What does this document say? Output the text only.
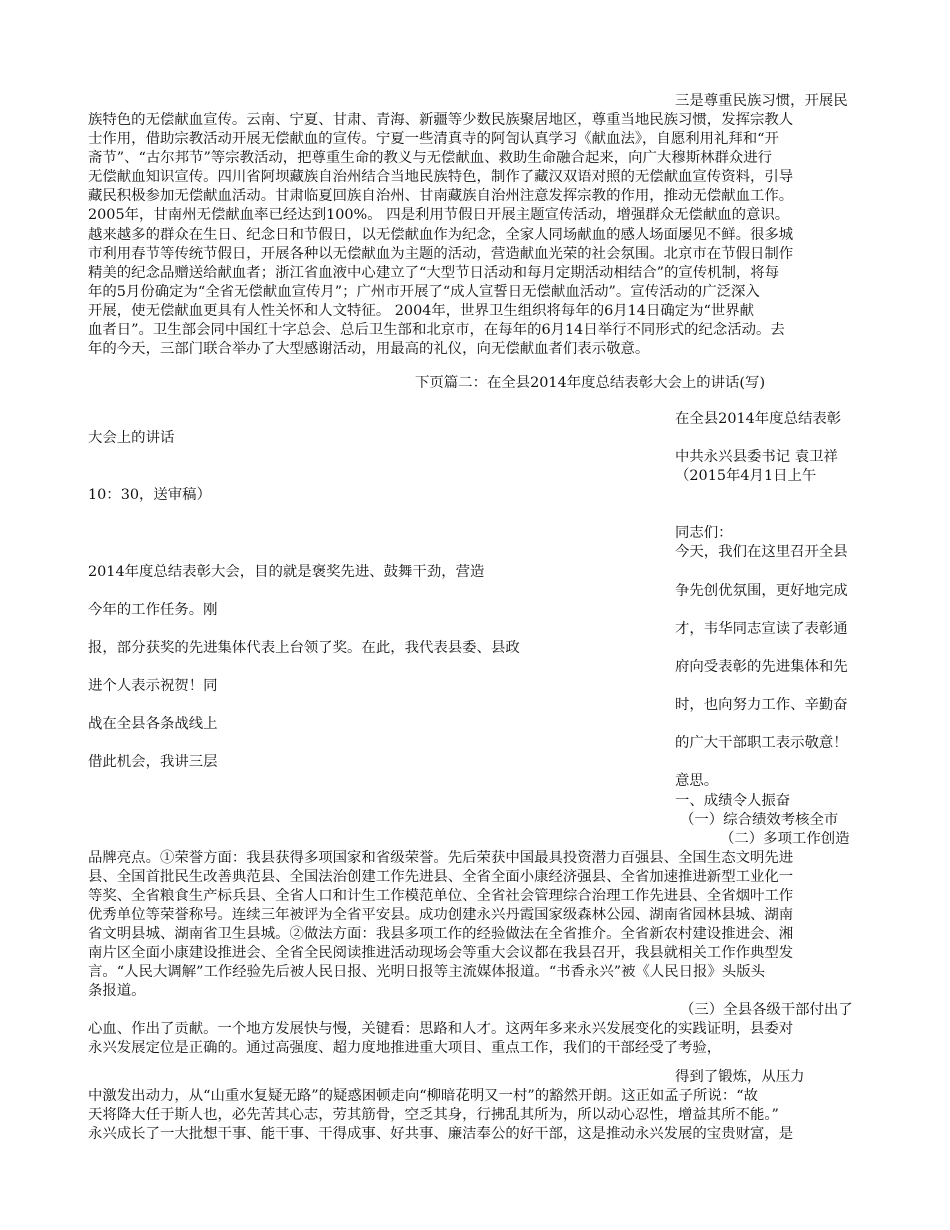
三是尊重民族习惯，开展民

族特色的无偿献血宣传。云南、宁夏、甘肃、青海、新疆等少数民族聚居地区，尊重当地民族习惯，发挥宗教人

士作用，借助宗教活动开展无偿献血的宣传。宁夏一些清真寺的阿訇认真学习《献血法》，自愿利用礼拜和“开

斋节”、“古尔邦节”等宗教活动，把尊重生命的教义与无偿献血、救助生命融合起来，向广大穆斯林群众进行

无偿献血知识宣传。四川省阿坝藏族自治州结合当地民族特色，制作了藏汉双语对照的无偿献血宣传资料，引导

藏民积极参加无偿献血活动。甘肃临夏回族自治州、甘南藏族自治州注意发挥宗教的作用，推动无偿献血工作。

2005年，甘南州无偿献血率已经达到100%。 四是利用节假日开展主题宣传活动，增强群众无偿献血的意识。

越来越多的群众在生日、纪念日和节假日，以无偿献血作为纪念，全家人同场献血的感人场面屡见不鲜。很多城

市利用春节等传统节假日，开展各种以无偿献血为主题的活动，营造献血光荣的社会氛围。北京市在节假日制作

精美的纪念品赠送给献血者；浙江省血液中心建立了“大型节日活动和每月定期活动相结合”的宣传机制，将每

年的5月份确定为“全省无偿献血宣传月”；广州市开展了“成人宣誓日无偿献血活动”。宣传活动的广泛深入

开展，使无偿献血更具有人性关怀和人文特征。 2004年，世界卫生组织将每年的6月14日确定为“世界献

血者日”。卫生部会同中国红十字总会、总后卫生部和北京市，在每年的6月14日举行不同形式的纪念活动。去

年的今天，三部门联合举办了大型感谢活动，用最高的礼仪，向无偿献血者们表示敬意。

下页篇二：在全县2014年度总结表彰大会上的讲话(写)

在全县2014年度总结表彰

大会上的讲话

中共永兴县委书记 袁卫祥

（2015年4月1日上午

10：30，送审稿）

同志们：

今天，我们在这里召开全县

2014年度总结表彰大会，目的就是褒奖先进、鼓舞干劲，营造

争先创优氛围，更好地完成

今年的工作任务。刚

才，韦华同志宣读了表彰通

报，部分获奖的先进集体代表上台领了奖。在此，我代表县委、县政

府向受表彰的先进集体和先

进个人表示祝贺！同

时，也向努力工作、辛勤奋

战在全县各条战线上

的广大干部职工表示敬意！

借此机会，我讲三层

意思。

一、成绩令人振奋

（一）综合绩效考核全市

（二）多项工作创造

品牌亮点。①荣誉方面：我县获得多项国家和省级荣誉。先后荣获中国最具投资潜力百强县、全国生态文明先进

县、全国首批民生改善典范县、全国法治创建工作先进县、全省全面小康经济强县、全省加速推进新型工业化一

等奖、全省粮食生产标兵县、全省人口和计生工作模范单位、全省社会管理综合治理工作先进县、全省烟叶工作

优秀单位等荣誉称号。连续三年被评为全省平安县。成功创建永兴丹霞国家级森林公园、湖南省园林县城、湖南

省文明县城、湖南省卫生县城。②做法方面：我县多项工作的经验做法在全省推介。全省新农村建设推进会、湘

南片区全面小康建设推进会、全省全民阅读推进活动现场会等重大会议都在我县召开，我县就相关工作作典型发

言。“人民大调解”工作经验先后被人民日报、光明日报等主流媒体报道。“书香永兴”被《人民日报》头版头

条报道。

（三）全县各级干部付出了

心血、作出了贡献。一个地方发展快与慢，关键看：思路和人才。这两年多来永兴发展变化的实践证明，县委对

永兴发展定位是正确的。通过高强度、超力度地推进重大项目、重点工作，我们的干部经受了考验，

得到了锻炼，从压力

中激发出动力，从“山重水复疑无路”的疑惑困顿走向“柳暗花明又一村”的豁然开朗。这正如孟子所说：“故

天将降大任于斯人也，必先苦其心志，劳其筋骨，空乏其身，行拂乱其所为，所以动心忍性，增益其所不能。”

永兴成长了一大批想干事、能干事、干得成事、好共事、廉洁奉公的好干部，这是推动永兴发展的宝贵财富，是
